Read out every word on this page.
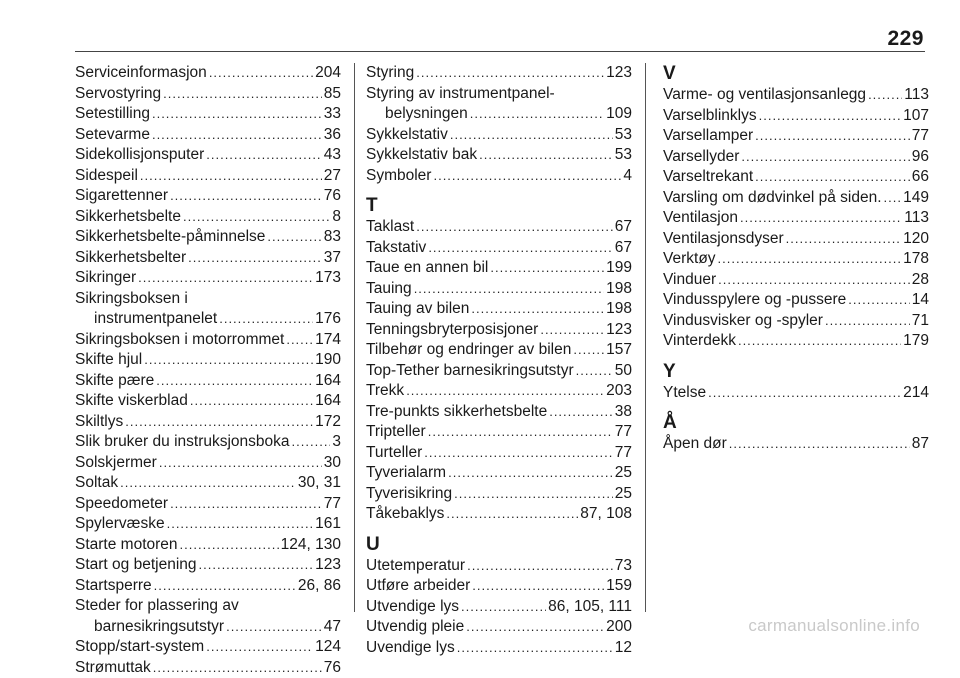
229
Serviceinformasjon .....	204
Servostyring .....	85
Setestilling .....	33
Setevarme .....	36
Sidekollisjonsputer .....	43
Sidespeil .....	27
Sigarettenner .....	76
Sikkerhetsbelte .....	8
Sikkerhetsbelte-påminnelse .....	83
Sikkerhetsbelter .....	37
Sikringer .....	173
Sikringsboksen i
instrumentpanelet .....	176
Sikringsboksen i motorrommet ..... 174
Skifte hjul .....	190
Skifte pære .....	164
Skifte viskerblad .....	164
Skiltlys .....	172
Slik bruker du instruksjonsboka .....	3
Solskjermer .....	30
Soltak .....	30, 31
Speedometer .....	77
Spylervæske .....	161
Starte motoren .....	124, 130
Start og betjening .....	123
Startsperre .....	26, 86
Steder for plassering av
barnesikringsutstyr .....	47
Stopp/start-system .....	124
Strømuttak .....	76
Styring .....	123
Styring av instrumentpanel-
belysningen .....	109
Sykkelstativ .....	53
Sykkelstativ bak .....	53
Symboler .....	4
T
Taklast .....	67
Takstativ .....	67
Taue en annen bil .....	199
Tauing .....	198
Tauing av bilen .....	198
Tenningsbryterposisjoner .....	123
Tilbehør og endringer av bilen ..... 157
Top-Tether barnesikringsutstyr .....	50
Trekk .....	203
Tre-punkts sikkerhetsbelte .....	38
Tripteller .....	77
Turteller .....	77
Tyverialarm .....	25
Tyverisikring .....	25
Tåkebaklys .....	87, 108
U
Utetemperatur .....	73
Utføre arbeider .....	159
Utvendige lys .....	86, 105, 111
Utvendig pleie .....	200
Uvendige lys .....	12
V
Varme- og ventilasjonsanlegg ..... 113
Varselblinklys .....	107
Varsellamper .....	77
Varsellyder .....	96
Varseltrekant .....	66
Varsling om dødvinkel på siden. ..... 149
Ventilasjon .....	113
Ventilasjonsdyser .....	120
Verktøy .....	178
Vinduer .....	28
Vindusspylere og -pussere .....	14
Vindusvisker og -spyler .....	71
Vinterdekk .....	179
Y
Ytelse .....	214
Å
Åpen dør .....	87
carmanualsonline.info
